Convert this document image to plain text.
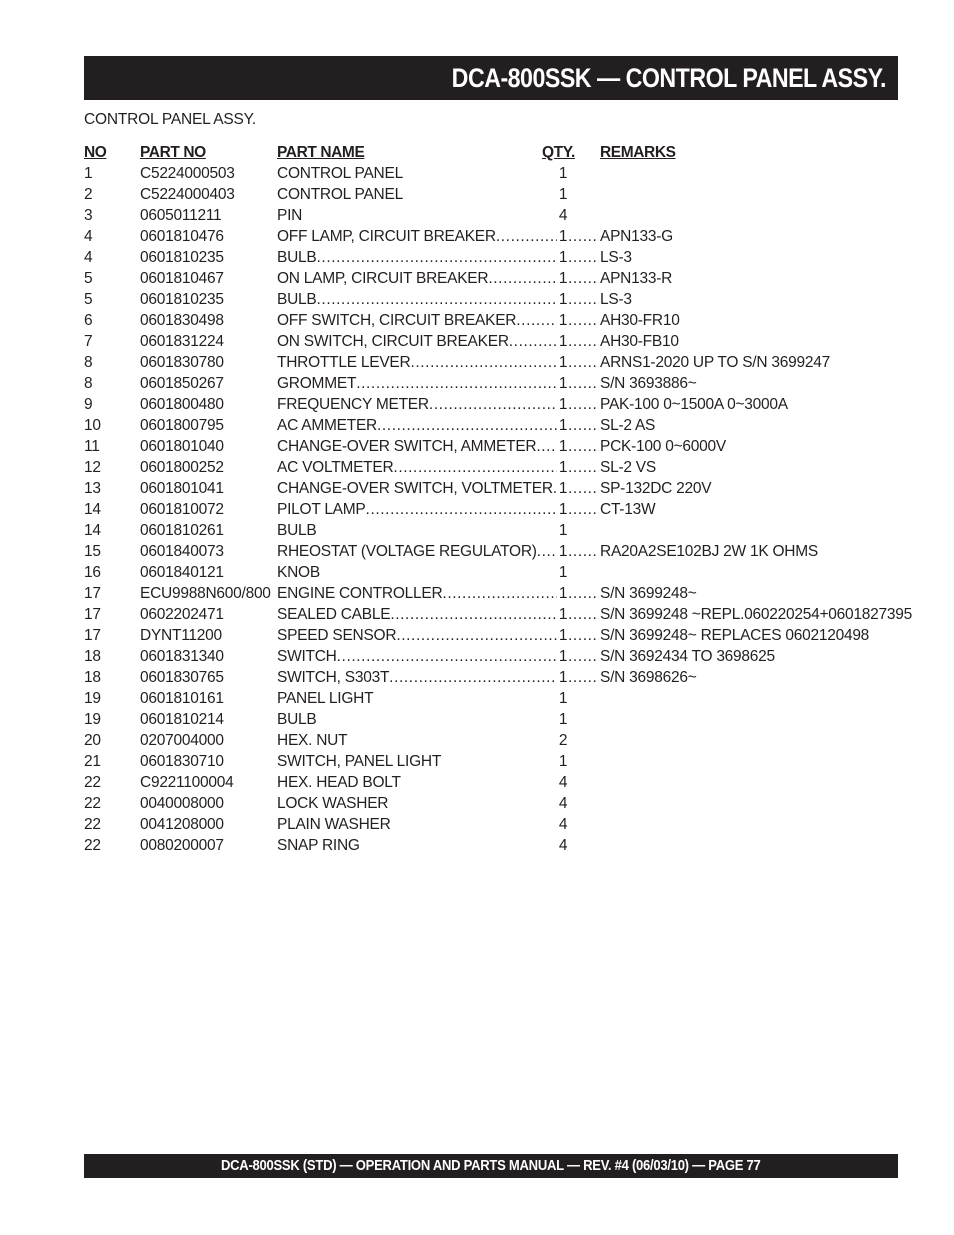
DCA-800SSK — CONTROL PANEL ASSY.
CONTROL PANEL ASSY.
NO PART NO	PART NAME	QTY. REMARKS
1	C5224000503	CONTROL PANEL	1
2	C5224000403	CONTROL PANEL	1
3	0605011211	PIN	4
4	0601810476	OFF LAMP, CIRCUIT BREAKER .....	1 ..... APN133-G
4	0601810235	BULB .....	1 ..... LS-3
5	0601810467	ON LAMP, CIRCUIT BREAKER .....	1 ..... APN133-R
5	0601810235	BULB .....	1 ..... LS-3
6	0601830498	OFF SWITCH, CIRCUIT BREAKER .....	1 ..... AH30-FR10
7	0601831224	ON SWITCH, CIRCUIT BREAKER .....	1 ..... AH30-FB10
8	0601830780	THROTTLE LEVER .....	1 ..... ARNS1-2020 UP TO S/N 3699247
8	0601850267	GROMMET .....	1 ..... S/N 3693886~
9	0601800480	FREQUENCY METER .....	1 ..... PAK-100 0~1500A 0~3000A
10	0601800795	AC AMMETER .....	1 ..... SL-2 AS
11	0601801040	CHANGE-OVER SWITCH, AMMETER ..... 1 ..... PCK-100 0~6000V
12	0601800252	AC VOLTMETER .....	1 ..... SL-2 VS
13	0601801041	CHANGE-OVER SWITCH, VOLTMETER ..... 1 ..... SP-132DC 220V
14	0601810072	PILOT LAMP .....	1 ..... CT-13W
14	0601810261	BULB	1
15	0601840073	RHEOSTAT (VOLTAGE REGULATOR) ..... 1 ..... RA20A2SE102BJ 2W 1K OHMS
16	0601840121	KNOB	1
17	ECU9988N600/800 ENGINE CONTROLLER .....	1 ..... S/N 3699248~
17	0602202471	SEALED CABLE .....	1 ..... S/N 3699248 ~REPL.060220254+0601827395
17	DYNT11200	SPEED SENSOR .....	1 ..... S/N 3699248~ REPLACES 0602120498
18	0601831340	SWITCH .....	1 ..... S/N 3692434 TO 3698625
18	0601830765	SWITCH, S303T .....	1 ..... S/N 3698626~
19	0601810161	PANEL LIGHT	1
19	0601810214	BULB	1
20	0207004000	HEX. NUT	2
21	0601830710	SWITCH, PANEL LIGHT	1
22	C9221100004	HEX. HEAD BOLT	4
22	0040008000	LOCK WASHER	4
22	0041208000	PLAIN WASHER	4
22	0080200007	SNAP RING	4
DCA-800SSK (STD) — OPERATION AND PARTS MANUAL — REV. #4 (06/03/10) — PAGE 77
